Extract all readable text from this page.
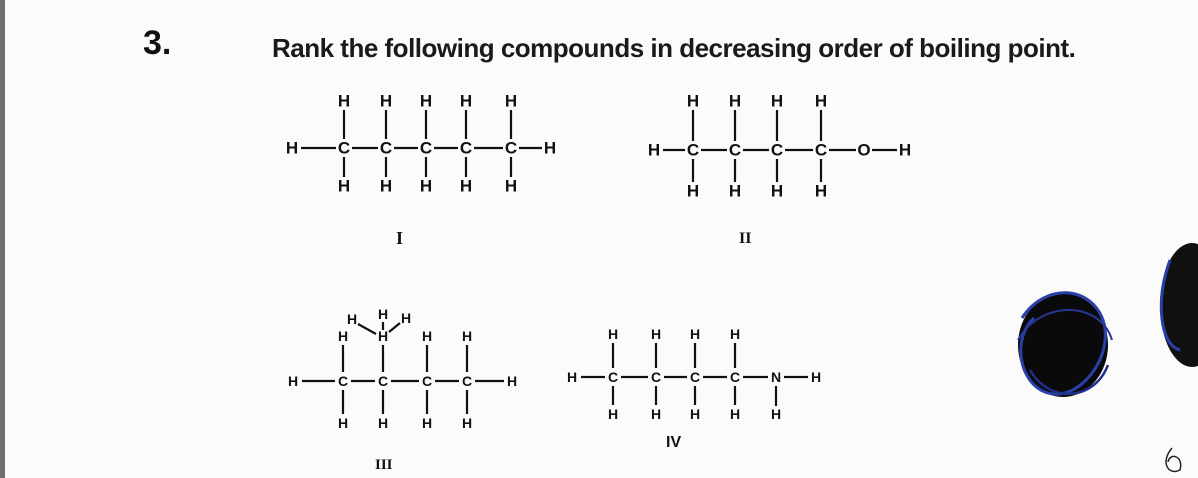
3.	Rank the following compounds in decreasing order of boiling point.
H C
H
H
C
H
H
C
H
H
C
H
H
C
H
H
H	H C
H
H
C
H
H
C
H
H
C
H
H
O H
H	C
H
H
C
H
H
C
H
H
C
H
H
H
H
H	H
H C
H
H
C
H
H
C
H
H
C
H
H
N H
H
I	II
III
IV
